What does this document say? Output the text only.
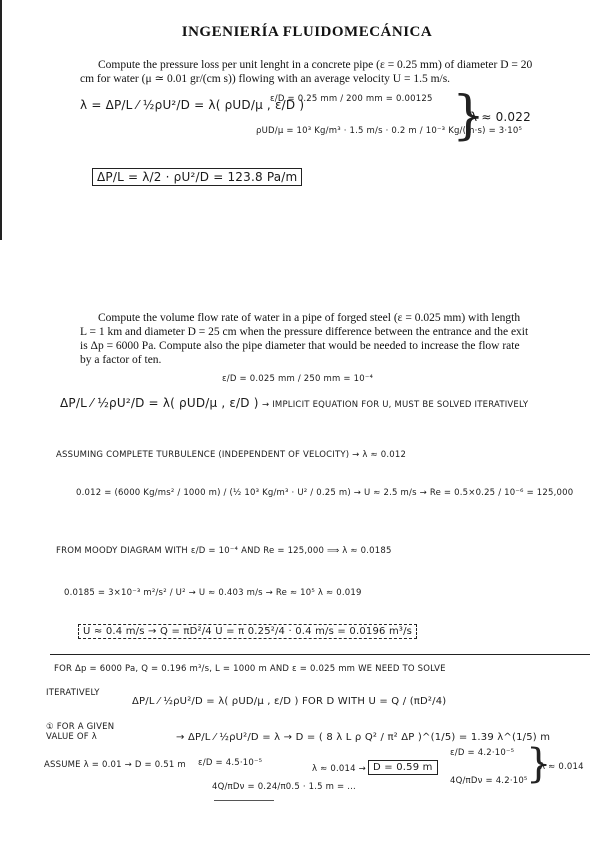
INGENIERÍA FLUIDOMECÁNICA
Compute the pressure loss per unit lenght in a concrete pipe (ε = 0.25 mm) of diameter D = 20
cm for water (μ ≃ 0.01 gr/(cm s)) flowing with an average velocity U = 1.5 m/s.
λ = ΔP/L ⁄ ½ρU²/D = λ( ρUD/μ , ε/D )
ε/D = 0.25 mm / 200 mm = 0.00125
ρUD/μ = 10³ Kg/m³ · 1.5 m/s · 0.2 m / 10⁻³ Kg/(m·s) = 3·10⁵
}
λ ≈ 0.022
ΔP/L = λ/2 · ρU²/D = 123.8 Pa/m
Compute the volume flow rate of water in a pipe of forged steel (ε = 0.025 mm) with length
L = 1 km and diameter D = 25 cm when the pressure difference between the entrance and the exit
is Δp = 6000 Pa. Compute also the pipe diameter that would be needed to increase the flow rate
by a factor of ten.
ε/D = 0.025 mm / 250 mm = 10⁻⁴
ΔP/L ⁄ ½ρU²/D = λ( ρUD/μ , ε/D ) → IMPLICIT EQUATION FOR U, MUST BE SOLVED ITERATIVELY
ASSUMING COMPLETE TURBULENCE (INDEPENDENT OF VELOCITY) → λ ≈ 0.012
0.012 = (6000 Kg/ms² / 1000 m) / (½ 10³ Kg/m³ · U² / 0.25 m) → U ≈ 2.5 m/s → Re = 0.5×0.25 / 10⁻⁶ = 125,000
FROM MOODY DIAGRAM WITH ε/D = 10⁻⁴ AND Re = 125,000 ⟹ λ ≈ 0.0185
0.0185 = 3×10⁻³ m²/s² / U² → U ≈ 0.403 m/s → Re ≈ 10⁵ λ ≈ 0.019
U ≈ 0.4 m/s → Q = πD²/4 U = π 0.25²/4 · 0.4 m/s = 0.0196 m³/s
FOR Δp = 6000 Pa, Q = 0.196 m³/s, L = 1000 m AND ε = 0.025 mm WE NEED TO SOLVE
ITERATIVELY
ΔP/L ⁄ ½ρU²/D = λ( ρUD/μ , ε/D ) FOR D WITH U = Q / (πD²/4)
① FOR A GIVEN VALUE OF λ	→ ΔP/L ⁄ ½ρU²/D = λ → D = ( 8 λ L ρ Q² / π² ΔP )^(1/5) = 1.39 λ^(1/5) m
ASSUME λ = 0.01 → D = 0.51 m ε/D = 4.5·10⁻⁵
4Q/πDν = 0.24/π0.5 · 1.5 m = ...
λ ≈ 0.014 → D = 0.59 m
ε/D = 4.2·10⁻⁵
4Q/πDν = 4.2·10⁵
}
λ ≈ 0.014
